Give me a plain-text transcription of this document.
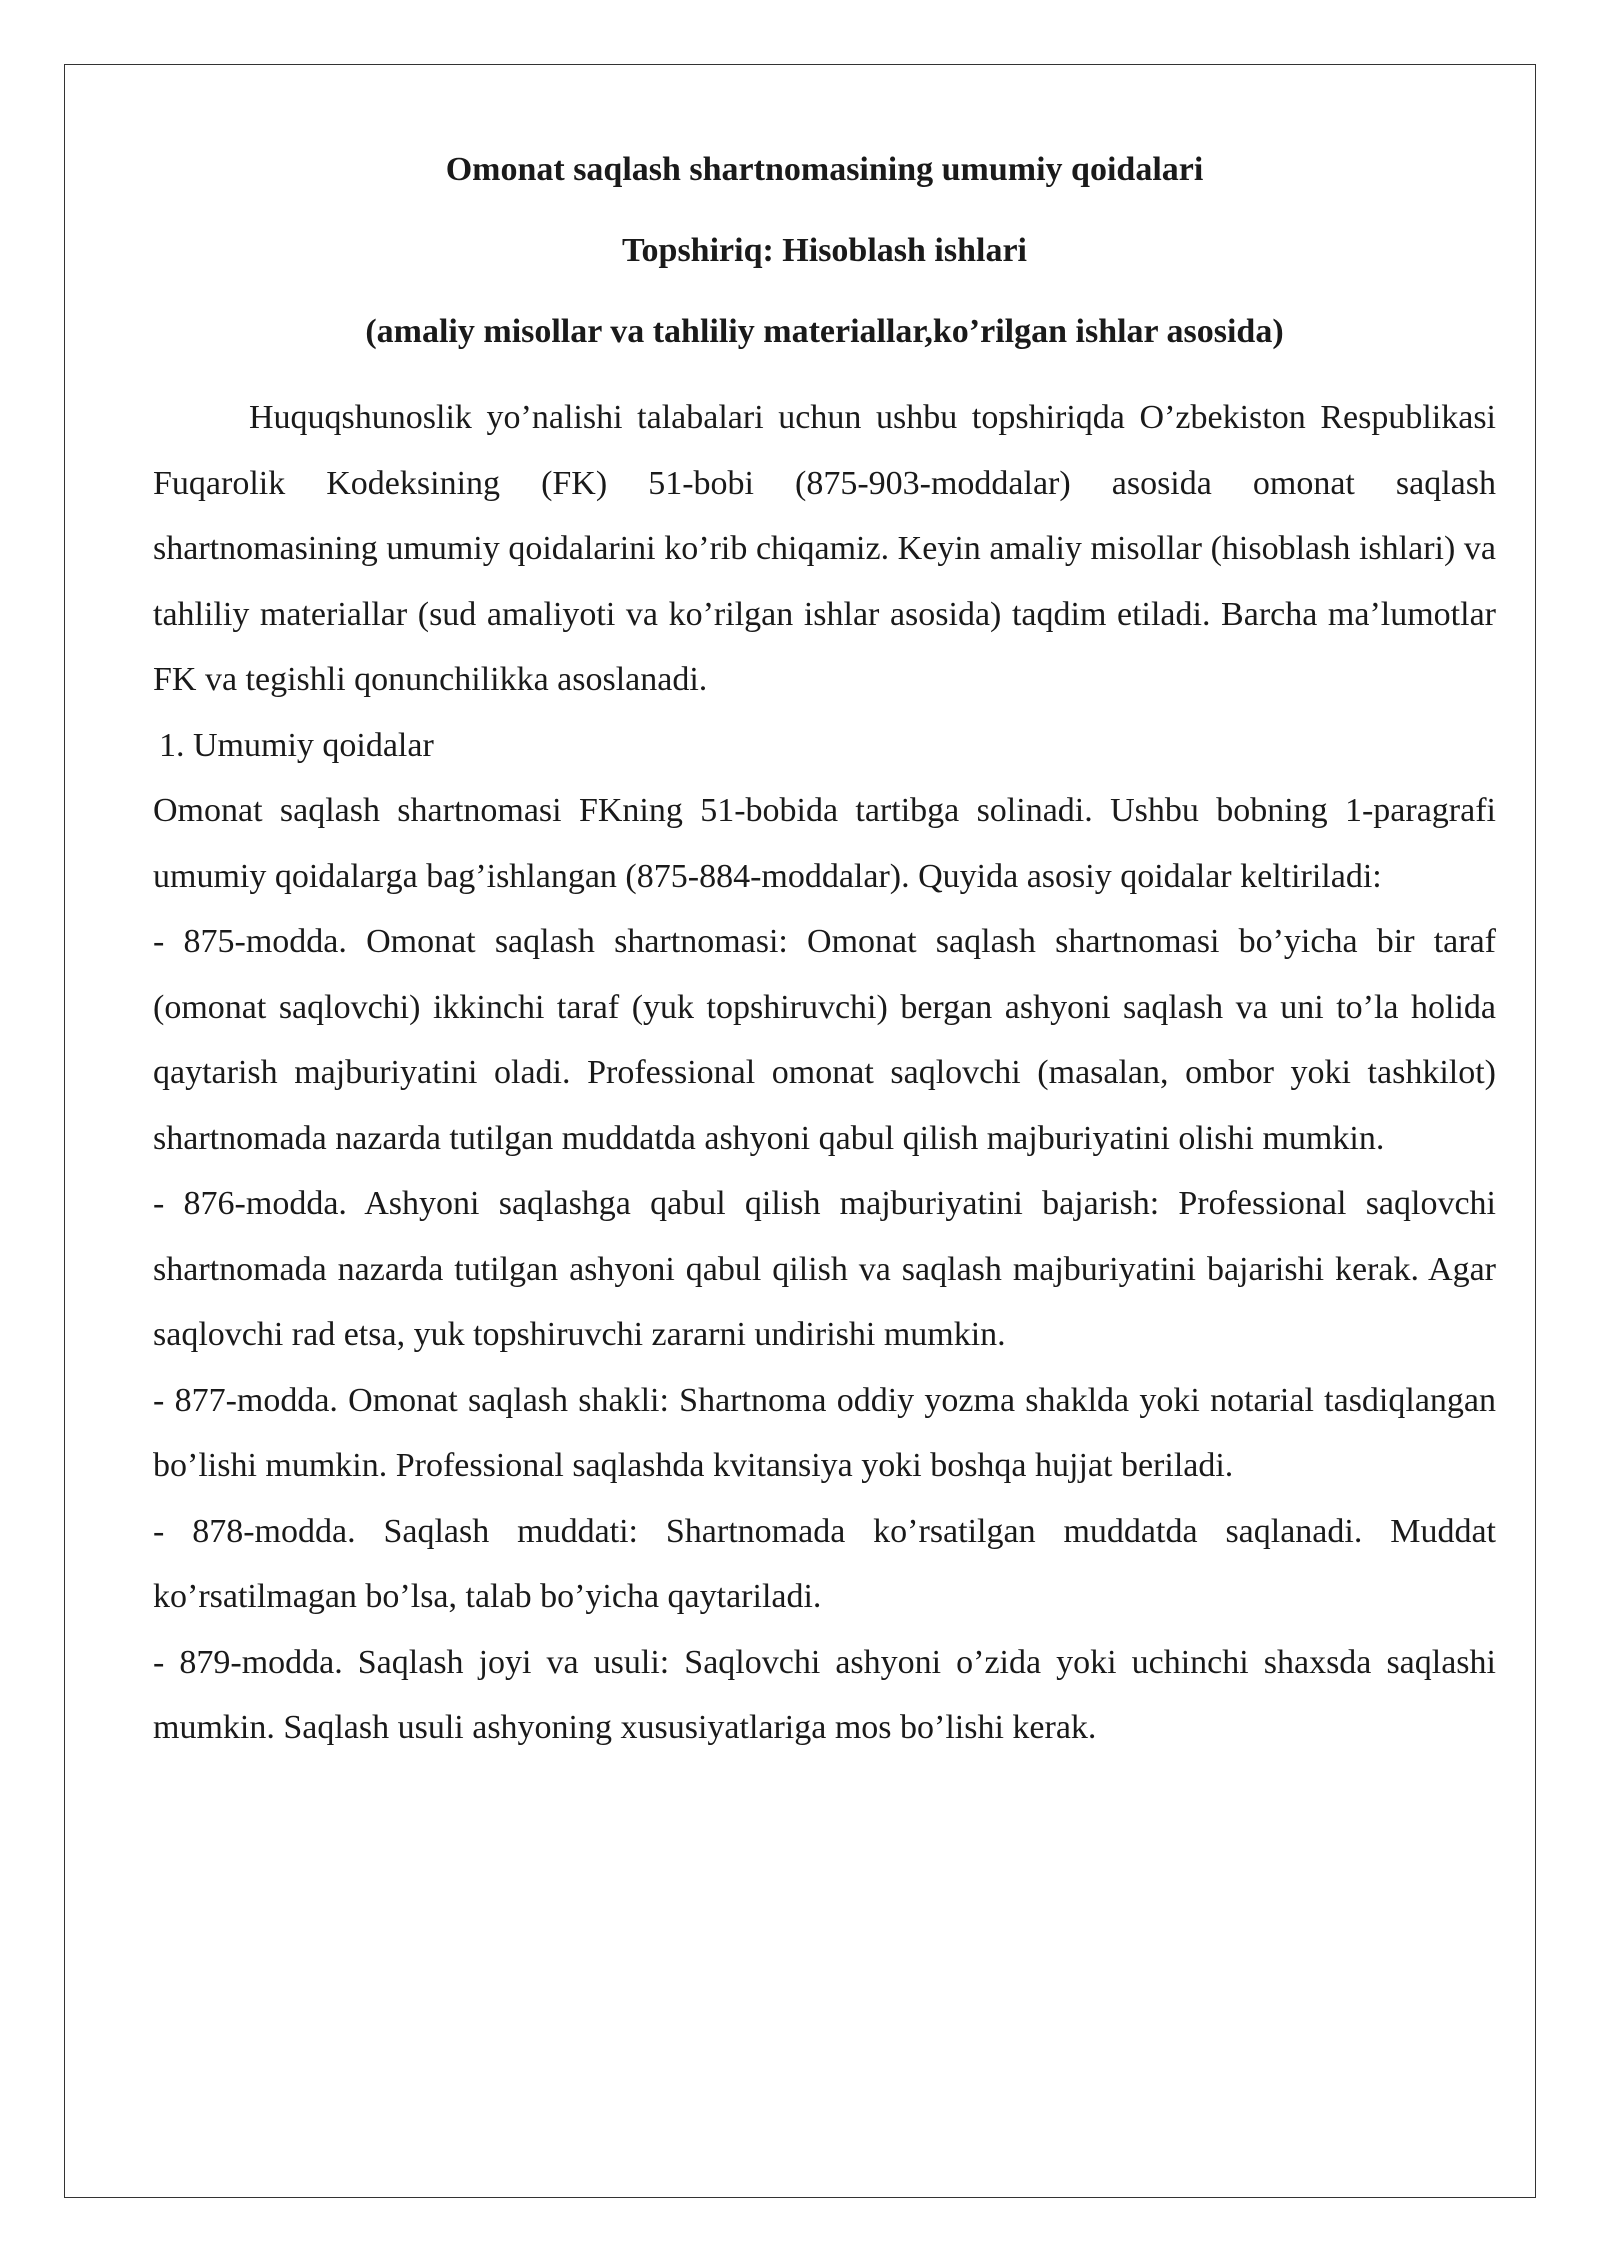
Omonat saqlash shartnomasining umumiy qoidalari
Topshiriq: Hisoblash ishlari
(amaliy misollar va tahliliy materiallar,ko’rilgan ishlar asosida)

Huquqshunoslik yo’nalishi talabalari uchun ushbu topshiriqda O’zbekiston Respublikasi Fuqarolik Kodeksining (FK) 51-bobi (875-903-moddalar) asosida omonat saqlash shartnomasining umumiy qoidalarini ko’rib chiqamiz. Keyin amaliy misollar (hisoblash ishlari) va tahliliy materiallar (sud amaliyoti va ko’rilgan ishlar asosida) taqdim etiladi. Barcha ma’lumotlar FK va tegishli qonunchilikka asoslanadi.

1. Umumiy qoidalar

Omonat saqlash shartnomasi FKning 51-bobida tartibga solinadi. Ushbu bobning 1-paragrafi umumiy qoidalarga bag’ishlangan (875-884-moddalar). Quyida asosiy qoidalar keltiriladi:

- 875-modda. Omonat saqlash shartnomasi: Omonat saqlash shartnomasi bo’yicha bir taraf (omonat saqlovchi) ikkinchi taraf (yuk topshiruvchi) bergan ashyoni saqlash va uni to’la holida qaytarish majburiyatini oladi. Professional omonat saqlovchi (masalan, ombor yoki tashkilot) shartnomada nazarda tutilgan muddatda ashyoni qabul qilish majburiyatini olishi mumkin.

- 876-modda. Ashyoni saqlashga qabul qilish majburiyatini bajarish: Professional saqlovchi shartnomada nazarda tutilgan ashyoni qabul qilish va saqlash majburiyatini bajarishi kerak. Agar saqlovchi rad etsa, yuk topshiruvchi zararni undirishi mumkin.

- 877-modda. Omonat saqlash shakli: Shartnoma oddiy yozma shaklda yoki notarial tasdiqlangan bo’lishi mumkin. Professional saqlashda kvitansiya yoki boshqa hujjat beriladi.

- 878-modda. Saqlash muddati: Shartnomada ko’rsatilgan muddatda saqlanadi. Muddat ko’rsatilmagan bo’lsa, talab bo’yicha qaytariladi.

- 879-modda. Saqlash joyi va usuli: Saqlovchi ashyoni o’zida yoki uchinchi shaxsda saqlashi mumkin. Saqlash usuli ashyoning xususiyatlariga mos bo’lishi kerak.
